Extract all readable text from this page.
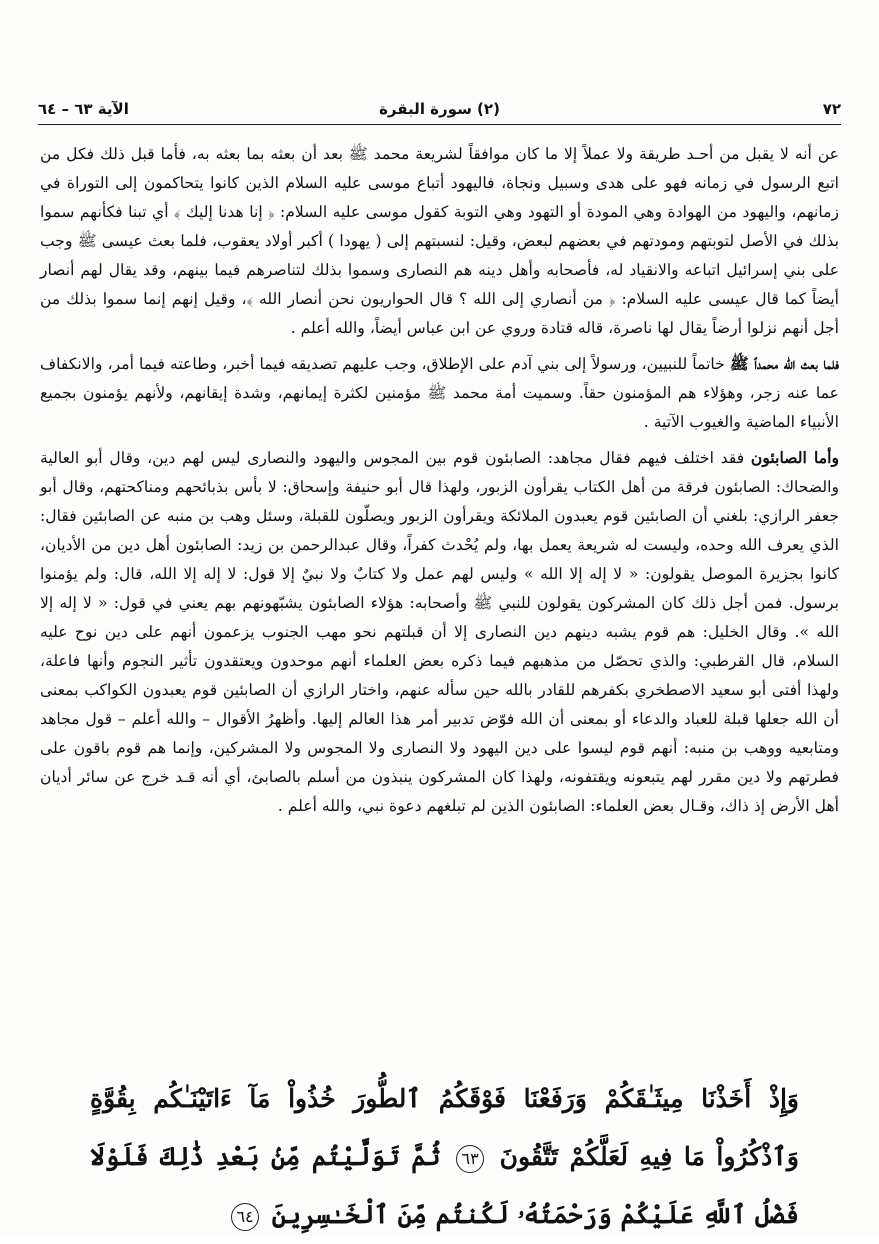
٧٢
(٢) سورة البقرة
الآية ٦٣ – ٦٤

عن أنه لا يقبل من أحـد طريقة ولا عملاً إلا ما كان موافقاً لشريعة محمد ﷺ بعد أن بعثه بما بعثه به، فأما قبل ذلك فكل من اتبع الرسول في زمانه فهو على هدى وسبيل ونجاة، فاليهود أتباع موسى عليه السلام الذين كانوا يتحاكمون إلى التوراة في زمانهم، واليهود من الهوادة وهي المودة أو التهود وهي التوبة كقول موسى عليه السلام: ﴿ إنا هدنا إليك ﴾ أي تبنا فكأنهم سموا بذلك في الأصل لتوبتهم ومودتهم في بعضهم لبعض، وقيل: لنسبتهم إلى ( يهودا ) أكبر أولاد يعقوب، فلما بعث عيسى ﷺ وجب على بني إسرائيل اتباعه والانقياد له، فأصحابه وأهل دينه هم النصارى وسموا بذلك لتناصرهم فيما بينهم، وقد يقال لهم أنصار أيضاً كما قال عيسى عليه السلام: ﴿ من أنصاري إلى الله ؟ قال الحواريون نحن أنصار الله ﴾، وقيل إنهم إنما سموا بذلك من أجل أنهم نزلوا أرضاً يقال لها ناصرة، قاله قتادة وروي عن ابن عباس أيضاً، والله أعلم .

فلما بعث الله محمداً ﷺ خاتماً للنبيين، ورسولاً إلى بني آدم على الإطلاق، وجب عليهم تصديقه فيما أخبر، وطاعته فيما أمر، والانكفاف عما عنه زجر، وهؤلاء هم المؤمنون حقاً. وسميت أمة محمد ﷺ مؤمنين لكثرة إيمانهم، وشدة إيقانهم، ولأنهم يؤمنون بجميع الأنبياء الماضية والغيوب الآتية .

وأما الصابئون فقد اختلف فيهم فقال مجاهد: الصابئون قوم بين المجوس واليهود والنصارى ليس لهم دين، وقال أبو العالية والضحاك: الصابئون فرقة من أهل الكتاب يقرأون الزبور، ولهذا قال أبو حنيفة وإسحاق: لا بأس بذبائحهم ومناكحتهم، وقال أبو جعفر الرازي: بلغني أن الصابئين قوم يعبدون الملائكة ويقرأون الزبور ويصلّون للقبلة، وسئل وهب بن منبه عن الصابئين فقال: الذي يعرف الله وحده، وليست له شريعة يعمل بها، ولم يُحْدث كفراً، وقال عبدالرحمن بن زيد: الصابئون أهل دين من الأديان، كانوا بجزيرة الموصل يقولون: « لا إله إلا الله » وليس لهم عمل ولا كتابٌ ولا نبيٌ إلا قول: لا إله إلا الله، قال: ولم يؤمنوا برسول. فمن أجل ذلك كان المشركون يقولون للنبي ﷺ وأصحابه: هؤلاء الصابئون يشبّهونهم بهم يعني في قول: « لا إله إلا الله ». وقال الخليل: هم قوم يشبه دينهم دين النصارى إلا أن قبلتهم نحو مهب الجنوب يزعمون أنهم على دين نوح عليه السلام، قال القرطبي: والذي تحصّل من مذهبهم فيما ذكره بعض العلماء أنهم موحدون ويعتقدون تأثير النجوم وأنها فاعلة، ولهذا أفتى أبو سعيد الاصطخري بكفرهم للقادر بالله حين سأله عنهم، واختار الرازي أن الصابئين قوم يعبدون الكواكب بمعنى أن الله جعلها قبلة للعباد والدعاء أو بمعنى أن الله فوّض تدبير أمر هذا العالم إليها. وأظهرُ الأقوال – والله أعلم – قول مجاهد ومتابعيه ووهب بن منبه: أنهم قوم ليسوا على دين اليهود ولا النصارى ولا المجوس ولا المشركين، وإنما هم قوم باقون على فطرتهم ولا دين مقرر لهم يتبعونه ويقتفونه، ولهذا كان المشركون ينبذون من أسلم بالصابئ، أي أنه قـد خرج عن سائر أديان أهل الأرض إذ ذاك، وقـال بعض العلماء: الصابئون الذين لم تبلغهم دعوة نبي، والله أعلم .

وَإِذْ أَخَذْنَا مِيثَـٰقَكُمْ وَرَفَعْنَا فَوْقَكُمُ ٱلطُّورَ خُذُواْ مَآ ءَاتَيْنَـٰكُم بِقُوَّةٍ وَٱذْكُرُواْ مَا فِيهِ لَعَلَّكُمْ تَتَّقُونَ ٦٣ ثُمَّ تَوَلَّيْتُم مِّنۢ بَعْدِ ذَٰلِكَ فَلَوْلَا فَضْلُ ٱللَّهِ عَلَيْكُمْ وَرَحْمَتُهُۥ لَكُنتُم مِّنَ ٱلْخَـٰسِرِينَ ٦٤
